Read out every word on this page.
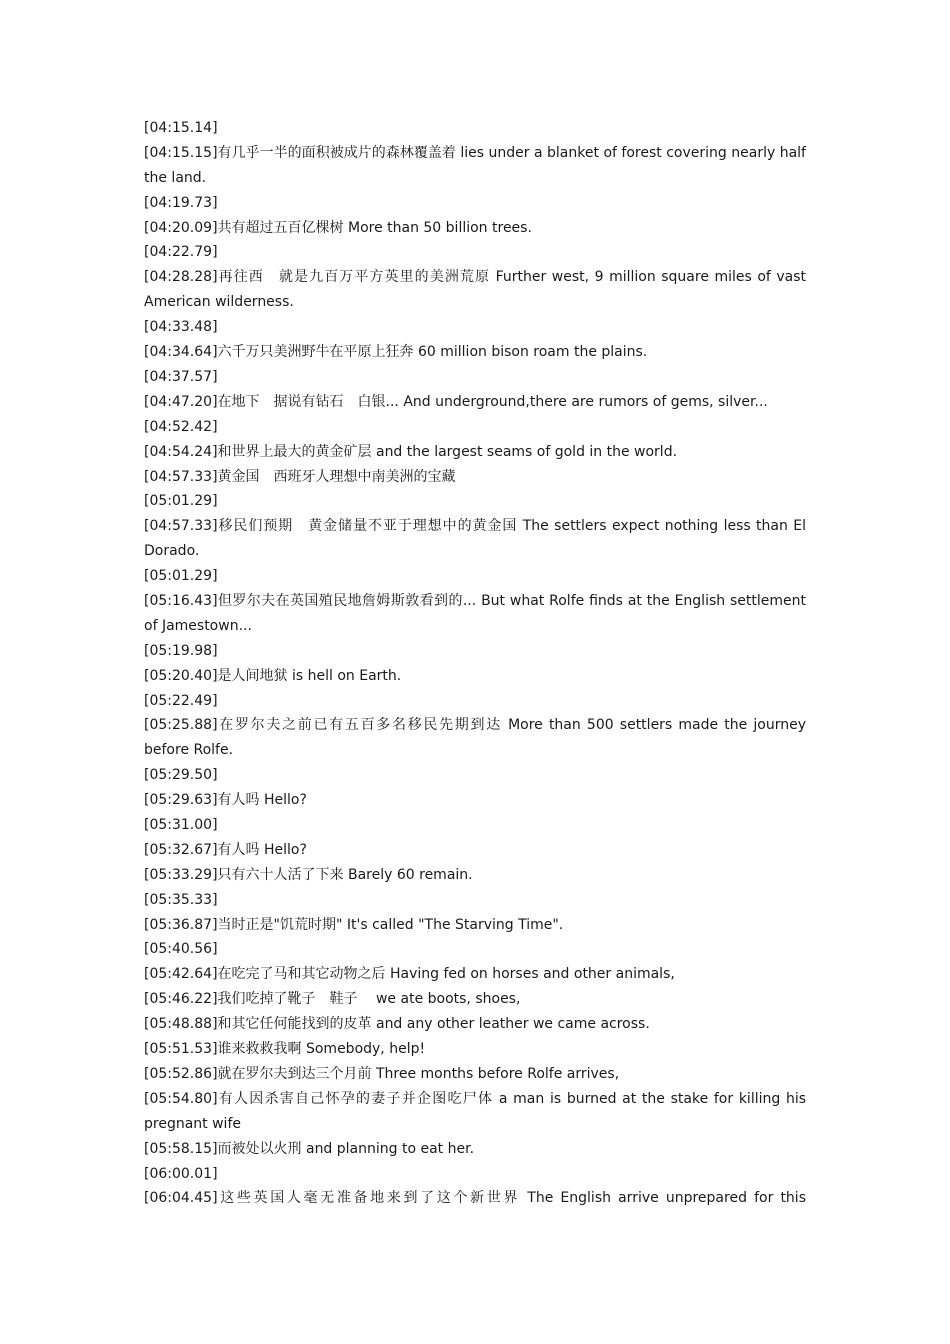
[04:15.14]
[04:15.15]有几乎一半的面积被成片的森林覆盖着 lies under a blanket of forest covering nearly half the land.
[04:19.73]
[04:20.09]共有超过五百亿棵树 More than 50 billion trees.
[04:22.79]
[04:28.28]再往西　就是九百万平方英里的美洲荒原 Further west, 9 million square miles of vast American wilderness.
[04:33.48]
[04:34.64]六千万只美洲野牛在平原上狂奔 60 million bison roam the plains.
[04:37.57]
[04:47.20]在地下　据说有钻石　白银... And underground,there are rumors of gems, silver...
[04:52.42]
[04:54.24]和世界上最大的黄金矿层 and the largest seams of gold in the world.
[04:57.33]黄金国　西班牙人理想中南美洲的宝藏
[05:01.29]
[04:57.33]移民们预期　黄金储量不亚于理想中的黄金国 The settlers expect nothing less than El Dorado.
[05:01.29]
[05:16.43]但罗尔夫在英国殖民地詹姆斯敦看到的... But what Rolfe finds at the English settlement of Jamestown...
[05:19.98]
[05:20.40]是人间地狱 is hell on Earth.
[05:22.49]
[05:25.88]在罗尔夫之前已有五百多名移民先期到达 More than 500 settlers made the journey before Rolfe.
[05:29.50]
[05:29.63]有人吗 Hello?
[05:31.00]
[05:32.67]有人吗 Hello?
[05:33.29]只有六十人活了下来 Barely 60 remain.
[05:35.33]
[05:36.87]当时正是"饥荒时期" It's called "The Starving Time".
[05:40.56]
[05:42.64]在吃完了马和其它动物之后 Having fed on horses and other animals,
[05:46.22]我们吃掉了靴子　鞋子　 we ate boots, shoes,
[05:48.88]和其它任何能找到的皮革 and any other leather we came across.
[05:51.53]谁来救救我啊 Somebody, help!
[05:52.86]就在罗尔夫到达三个月前 Three months before Rolfe arrives,
[05:54.80]有人因杀害自己怀孕的妻子并企图吃尸体 a man is burned at the stake for killing his pregnant wife
[05:58.15]而被处以火刑 and planning to eat her.
[06:00.01]
[06:04.45]这些英国人毫无准备地来到了这个新世界 The English arrive unprepared for this
